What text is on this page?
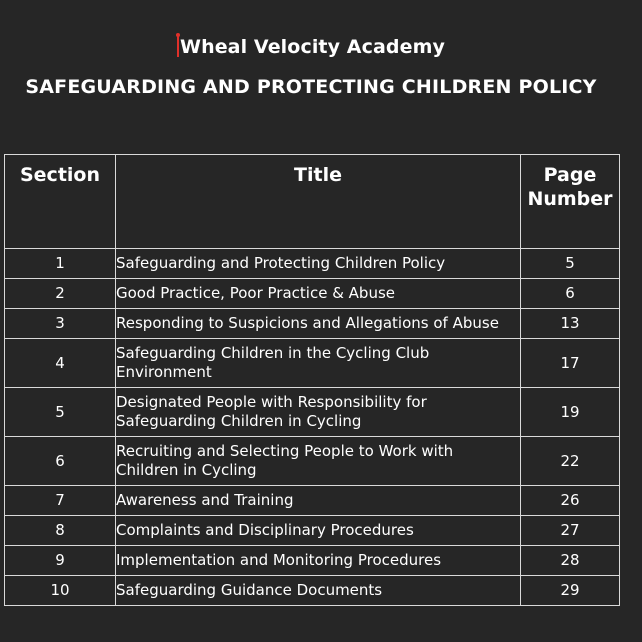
Wheal Velocity Academy
SAFEGUARDING AND PROTECTING CHILDREN POLICY
Section	Title	Page
Number
1	Safeguarding and Protecting Children Policy	5
2	Good Practice, Poor Practice & Abuse	6
3	Responding to Suspicions and Allegations of Abuse	13
4	Safeguarding Children in the Cycling Club Environment	17
5	Designated People with Responsibility for Safeguarding Children in Cycling	19
6	Recruiting and Selecting People to Work with Children in Cycling	22
7	Awareness and Training	26
8	Complaints and Disciplinary Procedures	27
9	Implementation and Monitoring Procedures	28
10	Safeguarding Guidance Documents	29
